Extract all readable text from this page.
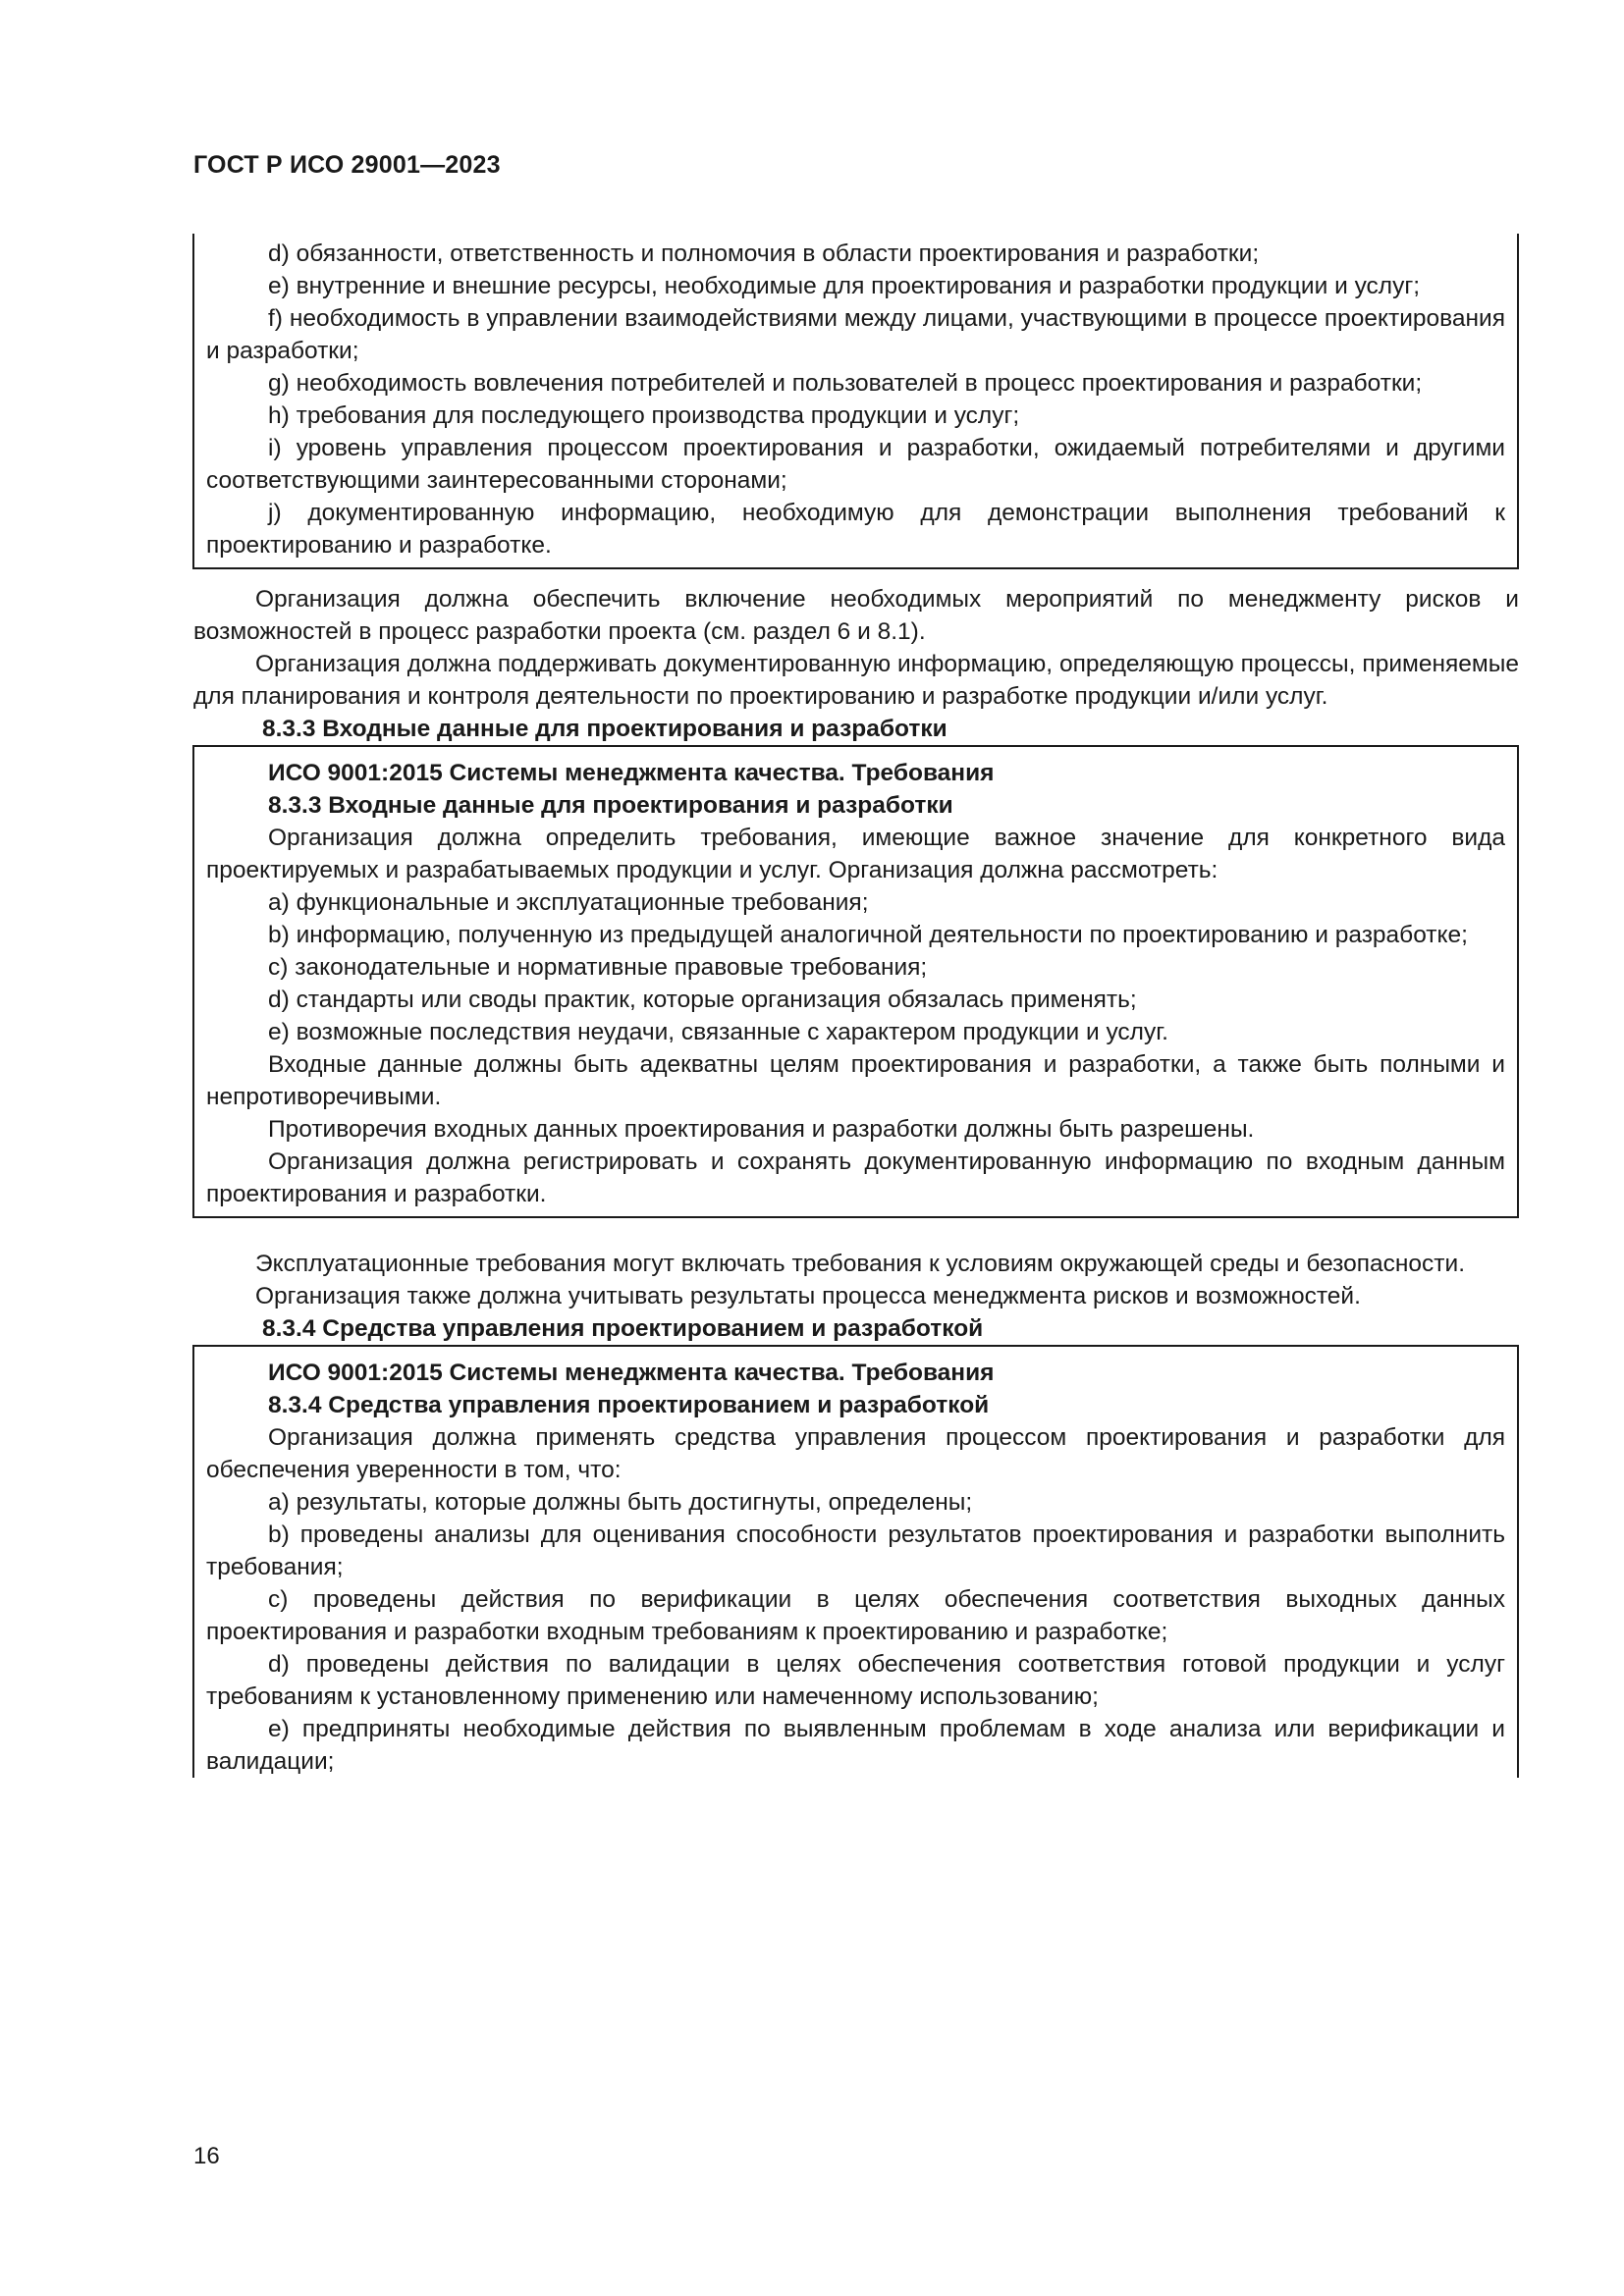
ГОСТ Р ИСО 29001—2023

d) обязанности, ответственность и полномочия в области проектирования и разработки;

e) внутренние и внешние ресурсы, необходимые для проектирования и разработки продукции и услуг;

f) необходимость в управлении взаимодействиями между лицами, участвующими в процессе проектирования и разработки;

g) необходимость вовлечения потребителей и пользователей в процесс проектирования и разработки;

h) требования для последующего производства продукции и услуг;

i) уровень управления процессом проектирования и разработки, ожидаемый потребителями и другими соответствующими заинтересованными сторонами;

j) документированную информацию, необходимую для демонстрации выполнения требований к проектированию и разработке.

Организация должна обеспечить включение необходимых мероприятий по менеджменту рисков и возможностей в процесс разработки проекта (см. раздел 6 и 8.1).

Организация должна поддерживать документированную информацию, определяющую процессы, применяемые для планирования и контроля деятельности по проектированию и разработке продукции и/или услуг.

8.3.3 Входные данные для проектирования и разработки

ИСО 9001:2015 Системы менеджмента качества. Требования

8.3.3 Входные данные для проектирования и разработки

Организация должна определить требования, имеющие важное значение для конкретного вида проектируемых и разрабатываемых продукции и услуг. Организация должна рассмотреть:

a) функциональные и эксплуатационные требования;

b) информацию, полученную из предыдущей аналогичной деятельности по проектированию и разработке;

c) законодательные и нормативные правовые требования;

d) стандарты или своды практик, которые организация обязалась применять;

e) возможные последствия неудачи, связанные с характером продукции и услуг.

Входные данные должны быть адекватны целям проектирования и разработки, а также быть полными и непротиворечивыми.

Противоречия входных данных проектирования и разработки должны быть разрешены.

Организация должна регистрировать и сохранять документированную информацию по входным данным проектирования и разработки.

Эксплуатационные требования могут включать требования к условиям окружающей среды и безопасности.

Организация также должна учитывать результаты процесса менеджмента рисков и возможностей.

8.3.4 Средства управления проектированием и разработкой

ИСО 9001:2015 Системы менеджмента качества. Требования

8.3.4 Средства управления проектированием и разработкой

Организация должна применять средства управления процессом проектирования и разработки для обеспечения уверенности в том, что:

a) результаты, которые должны быть достигнуты, определены;

b) проведены анализы для оценивания способности результатов проектирования и разработки выполнить требования;

c) проведены действия по верификации в целях обеспечения соответствия выходных данных проектирования и разработки входным требованиям к проектированию и разработке;

d) проведены действия по валидации в целях обеспечения соответствия готовой продукции и услуг требованиям к установленному применению или намеченному использованию;

e) предприняты необходимые действия по выявленным проблемам в ходе анализа или верификации и валидации;

16
